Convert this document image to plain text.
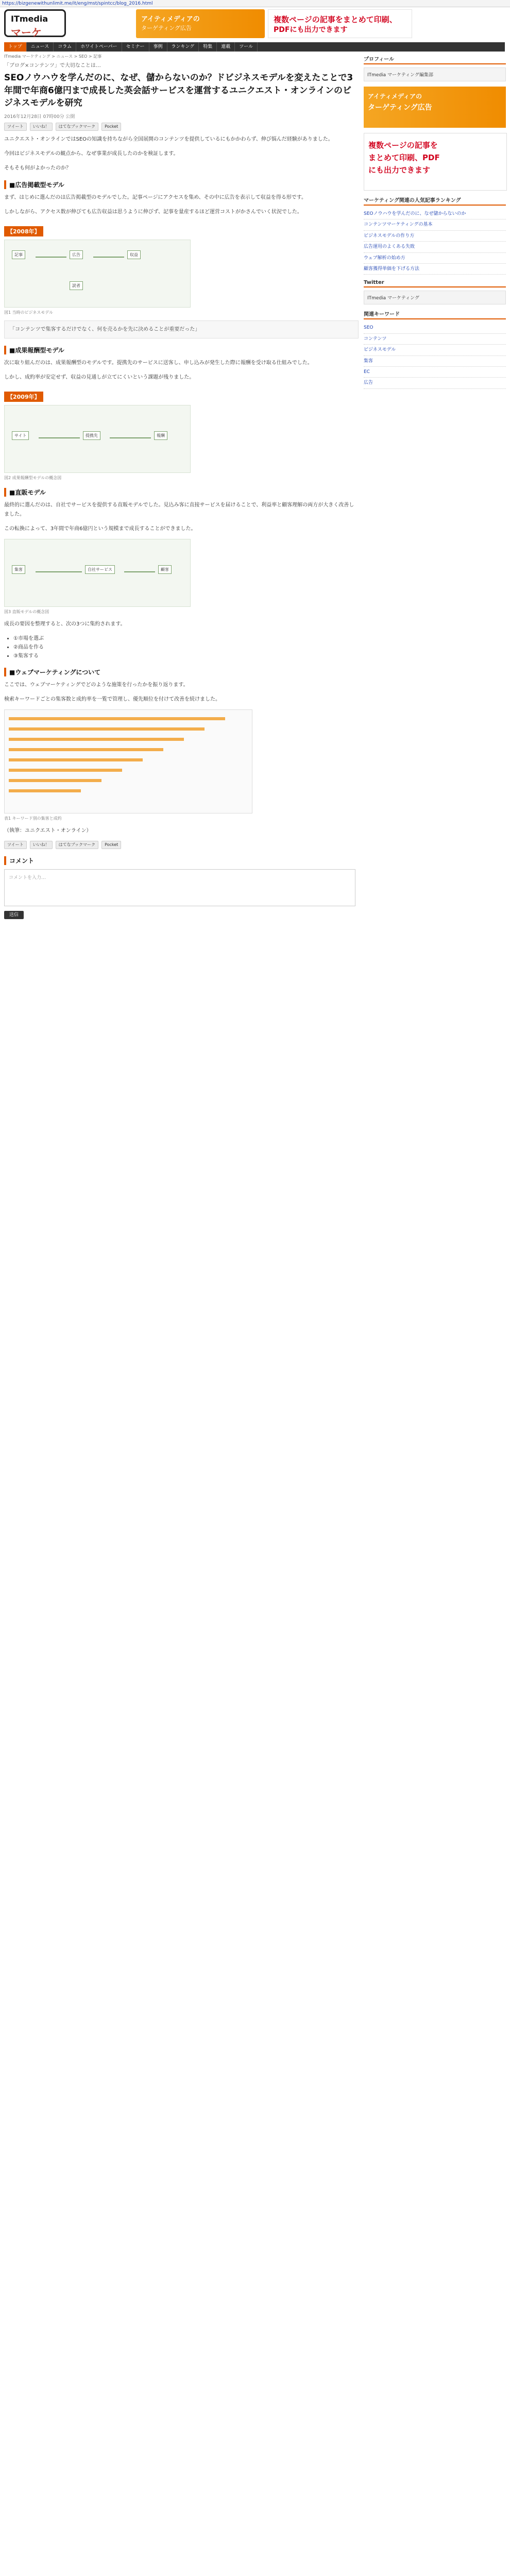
https://bizgenewithunlimit.me/it/eng/mst/spintcc/blog_2016.html
ITmedia
マーケ
アイティメディアの
ターゲティング広告
複数ページの記事をまとめて印刷、
PDFにも出力できます
トップ	ニュース	コラム	ホワイトペーパー	セミナー	事例	ランキング	特集	連載	ツール
ITmedia マーケティング > ニュース > SEO > 記事
「ブログ×コンテンツ」で大切なことは…
SEOノウハウを学んだのに、なぜ、儲からないのか？ドビジネスモデルを変えたことで3年間で年商6億円まで成長した英会話サービスを運営するユニクエスト・オンラインのビジネスモデルを研究
2016年12月28日 07時00分 公開
ツイート	いいね！	はてなブックマーク	Pocket

ユニクエスト・オンラインではSEOの知識を持ちながら全国展開のコンテンツを提供しているにもかかわらず、伸び悩んだ経験がありました。

今回はビジネスモデルの観点から、なぜ事業が成長したのかを検証します。

そもそも何がよかったのか？

■広告掲載型モデル

まず、はじめに選んだのは広告掲載型のモデルでした。記事ページにアクセスを集め、その中に広告を表示して収益を得る形です。

しかしながら、アクセス数が伸びても広告収益は思うように伸びず、記事を量産するほど運営コストがかさんでいく状況でした。

【2008年】
記事	広告	収益
読者
図1 当時のビジネスモデル
「コンテンツで集客するだけでなく、何を売るかを先に決めることが重要だった」
■成果報酬型モデル

次に取り組んだのは、成果報酬型のモデルです。提携先のサービスに送客し、申し込みが発生した際に報酬を受け取る仕組みでした。

しかし、成約率が安定せず、収益の見通しが立てにくいという課題が残りました。

【2009年】
サイト	提携先	報酬
図2 成果報酬型モデルの概念図
■直販モデル

最終的に選んだのは、自社でサービスを提供する直販モデルでした。見込み客に直接サービスを届けることで、利益率と顧客理解の両方が大きく改善しました。

この転換によって、3年間で年商6億円という規模まで成長することができました。

集客	自社サービス	顧客
図3 直販モデルの概念図

成長の要因を整理すると、次の3つに集約されます。

• ①市場を選ぶ
• ②商品を作る
• ③集客する
■ウェブマーケティングについて

ここでは、ウェブマーケティングでどのような施策を行ったかを振り返ります。

検索キーワードごとの集客数と成約率を一覧で管理し、優先順位を付けて改善を続けました。

表1 キーワード別の集客と成約

（執筆：ユニクエスト・オンライン）

ツイート	いいね！	はてなブックマーク	Pocket
コメント
コメントを入力…
送信
プロフィール
ITmedia マーケティング編集部
アイティメディアの
ターゲティング広告
複数ページの記事を
まとめて印刷、PDF
にも出力できます
マーケティング関連の人気記事ランキング
SEOノウハウを学んだのに、なぜ儲からないのか
コンテンツマーケティングの基本
ビジネスモデルの作り方
広告運用のよくある失敗
ウェブ解析の始め方
顧客獲得単価を下げる方法
Twitter
ITmedia マーケティング
関連キーワード
SEO
コンテンツ
ビジネスモデル
集客
EC
広告
